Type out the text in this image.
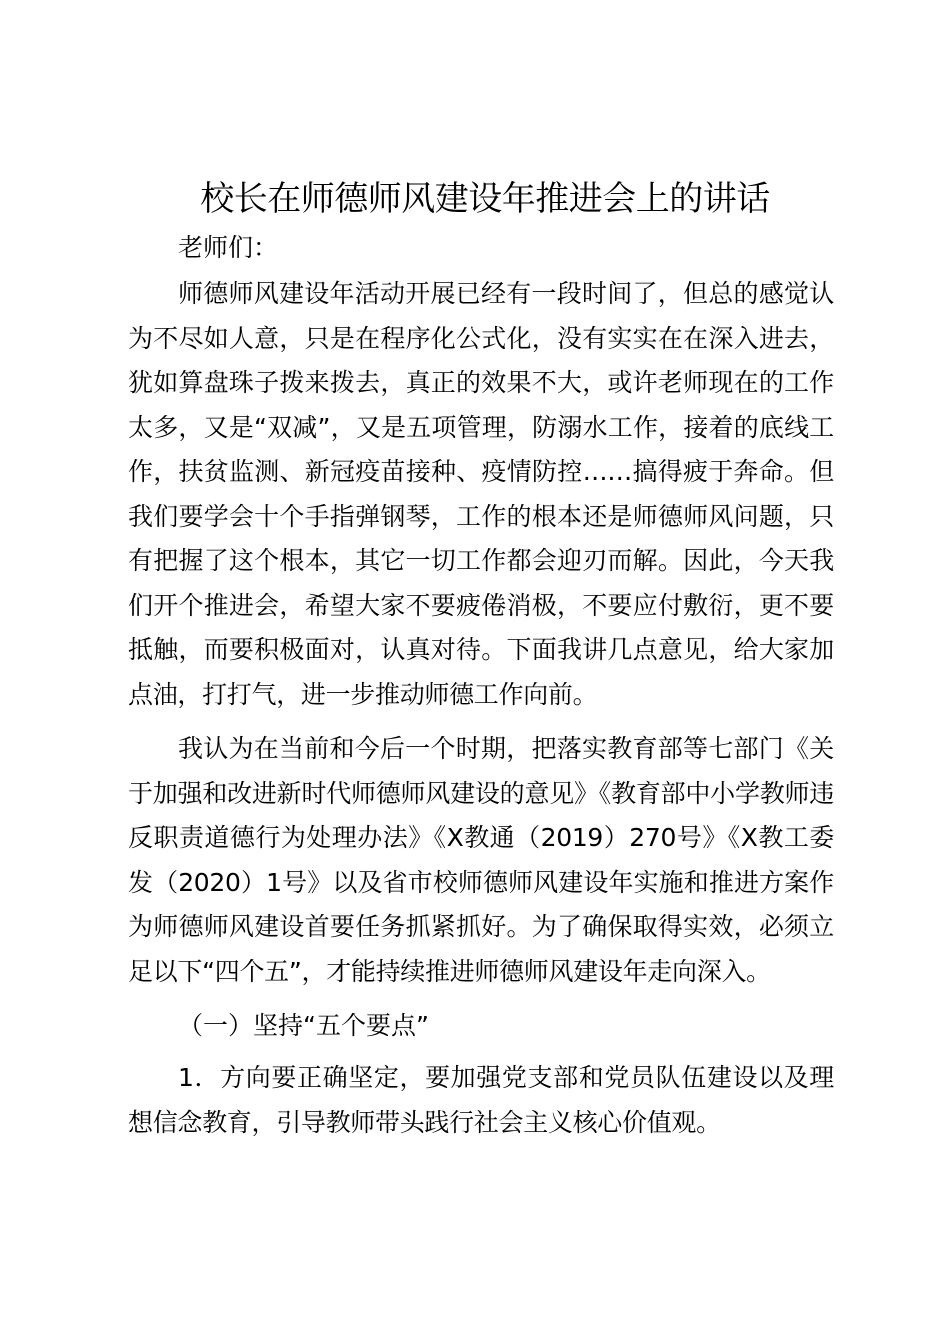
校长在师德师风建设年推进会上的讲话
老师们：

师德师风建设年活动开展已经有一段时间了，但总的感觉认为不尽如人意，只是在程序化公式化，没有实实在在深入进去，犹如算盘珠子拨来拨去，真正的效果不大，或许老师现在的工作太多，又是“双减”，又是五项管理，防溺水工作，接着的底线工作，扶贫监测、新冠疫苗接种、疫情防控……搞得疲于奔命。但我们要学会十个手指弹钢琴，工作的根本还是师德师风问题，只有把握了这个根本，其它一切工作都会迎刃而解。因此，今天我们开个推进会，希望大家不要疲倦消极，不要应付敷衍，更不要抵触，而要积极面对，认真对待。下面我讲几点意见，给大家加点油，打打气，进一步推动师德工作向前。

我认为在当前和今后一个时期，把落实教育部等七部门《关于加强和改进新时代师德师风建设的意见》《教育部中小学教师违反职责道德行为处理办法》《X教通（2019）270号》《X教工委发（2020）1号》以及省市校师德师风建设年实施和推进方案作为师德师风建设首要任务抓紧抓好。为了确保取得实效，必须立足以下“四个五”，才能持续推进师德师风建设年走向深入。

（一）坚持“五个要点”

1．方向要正确坚定，要加强党支部和党员队伍建设以及理想信念教育，引导教师带头践行社会主义核心价值观。
